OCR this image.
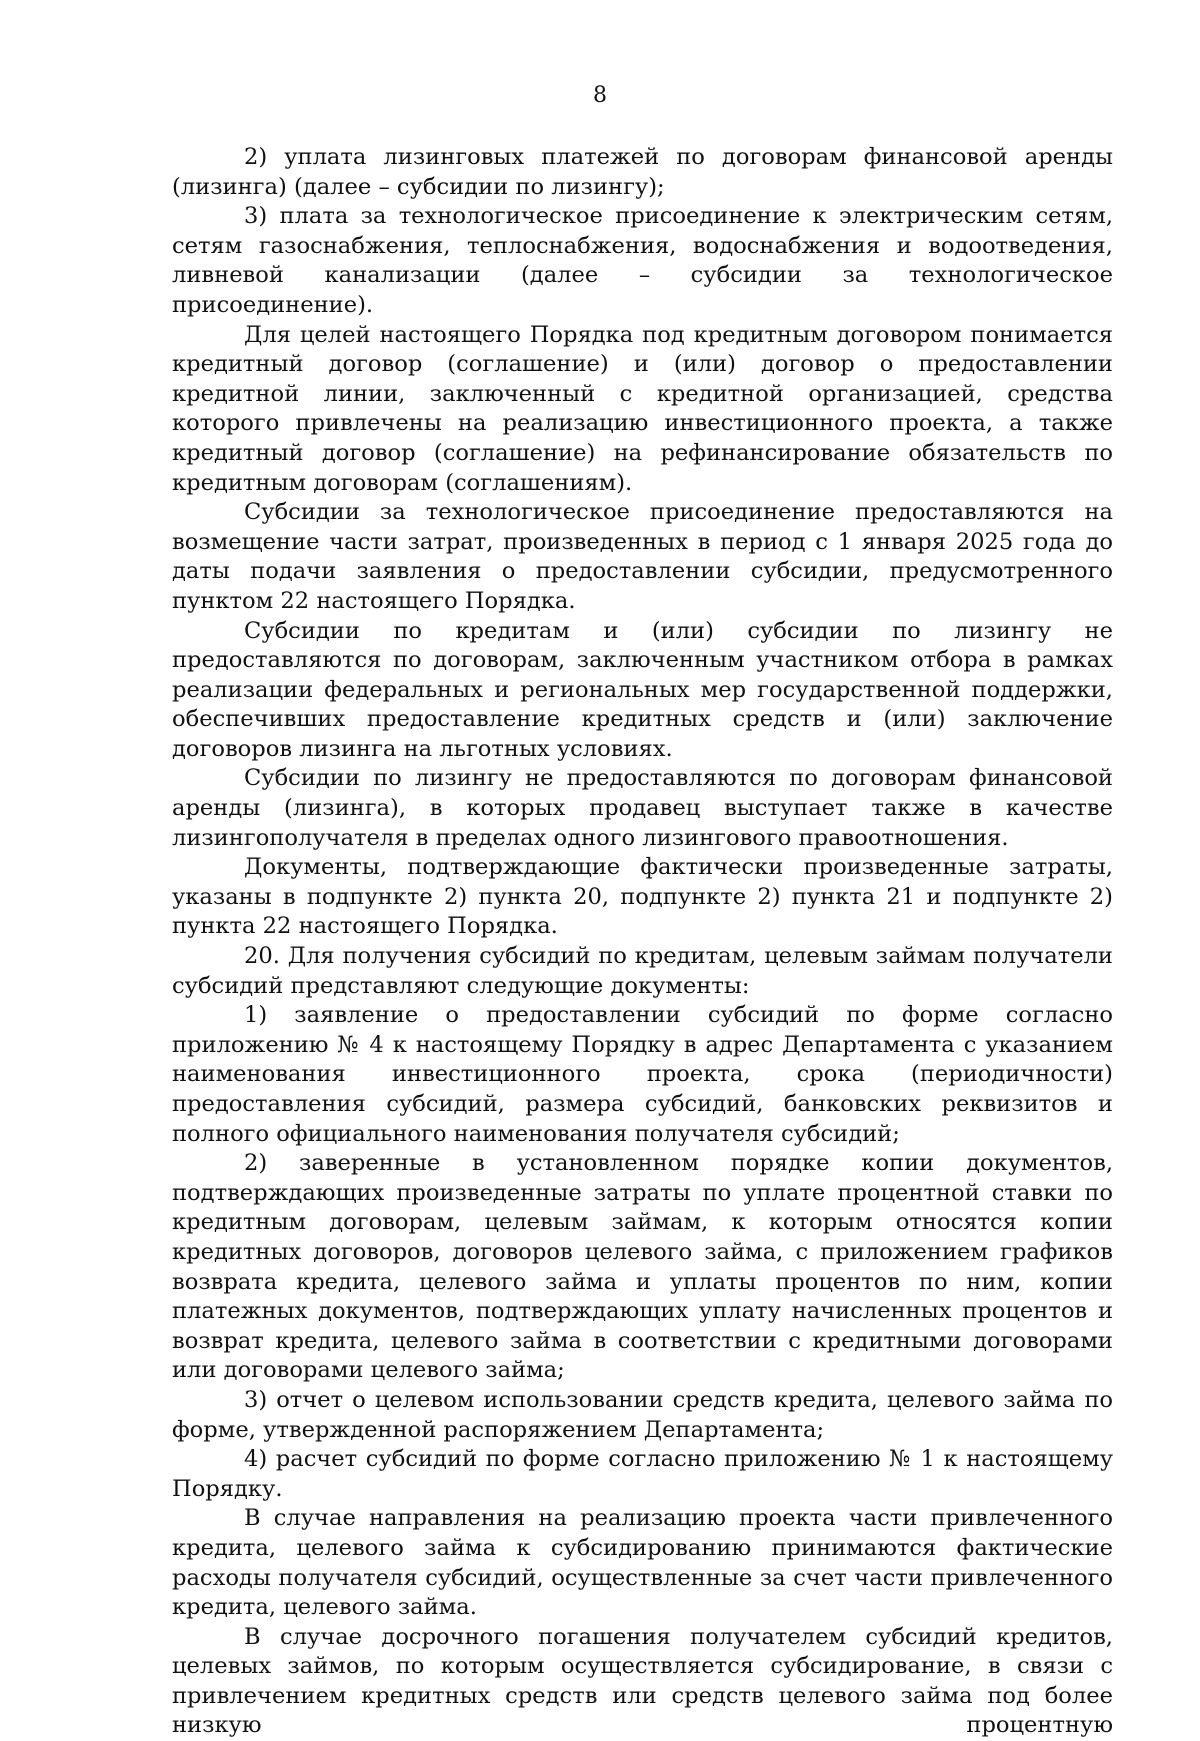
8

2) уплата лизинговых платежей по договорам финансовой аренды (лизинга) (далее – субсидии по лизингу);

3) плата за технологическое присоединение к электрическим сетям, сетям газоснабжения, теплоснабжения, водоснабжения и водоотведения, ливневой канализации (далее – субсидии за технологическое присоединение).

Для целей настоящего Порядка под кредитным договором понимается кредитный договор (соглашение) и (или) договор о предоставлении кредитной линии, заключенный с кредитной организацией, средства которого привлечены на реализацию инвестиционного проекта, а также кредитный договор (соглашение) на рефинансирование обязательств по кредитным договорам (соглашениям).

Субсидии за технологическое присоединение предоставляются на возмещение части затрат, произведенных в период с 1 января 2025 года до даты подачи заявления о предоставлении субсидии, предусмотренного пунктом 22 настоящего Порядка.

Субсидии по кредитам и (или) субсидии по лизингу не предоставляются по договорам, заключенным участником отбора в рамках реализации федеральных и региональных мер государственной поддержки, обеспечивших предоставление кредитных средств и (или) заключение договоров лизинга на льготных условиях.

Субсидии по лизингу не предоставляются по договорам финансовой аренды (лизинга), в которых продавец выступает также в качестве лизингополучателя в пределах одного лизингового правоотношения.

Документы, подтверждающие фактически произведенные затраты, указаны в подпункте 2) пункта 20, подпункте 2) пункта 21 и подпункте 2) пункта 22 настоящего Порядка.

20. Для получения субсидий по кредитам, целевым займам получатели субсидий представляют следующие документы:

1) заявление о предоставлении субсидий по форме согласно приложению № 4 к настоящему Порядку в адрес Департамента с указанием наименования инвестиционного проекта, срока (периодичности) предоставления субсидий, размера субсидий, банковских реквизитов и полного официального наименования получателя субсидий;

2) заверенные в установленном порядке копии документов, подтверждающих произведенные затраты по уплате процентной ставки по кредитным договорам, целевым займам, к которым относятся копии кредитных договоров, договоров целевого займа, с приложением графиков возврата кредита, целевого займа и уплаты процентов по ним, копии платежных документов, подтверждающих уплату начисленных процентов и возврат кредита, целевого займа в соответствии с кредитными договорами или договорами целевого займа;

3) отчет о целевом использовании средств кредита, целевого займа по форме, утвержденной распоряжением Департамента;

4) расчет субсидий по форме согласно приложению № 1 к настоящему Порядку.

В случае направления на реализацию проекта части привлеченного кредита, целевого займа к субсидированию принимаются фактические расходы получателя субсидий, осуществленные за счет части привлеченного кредита, целевого займа.

В случае досрочного погашения получателем субсидий кредитов, целевых займов, по которым осуществляется субсидирование, в связи с привлечением кредитных средств или средств целевого займа под более низкую процентную
